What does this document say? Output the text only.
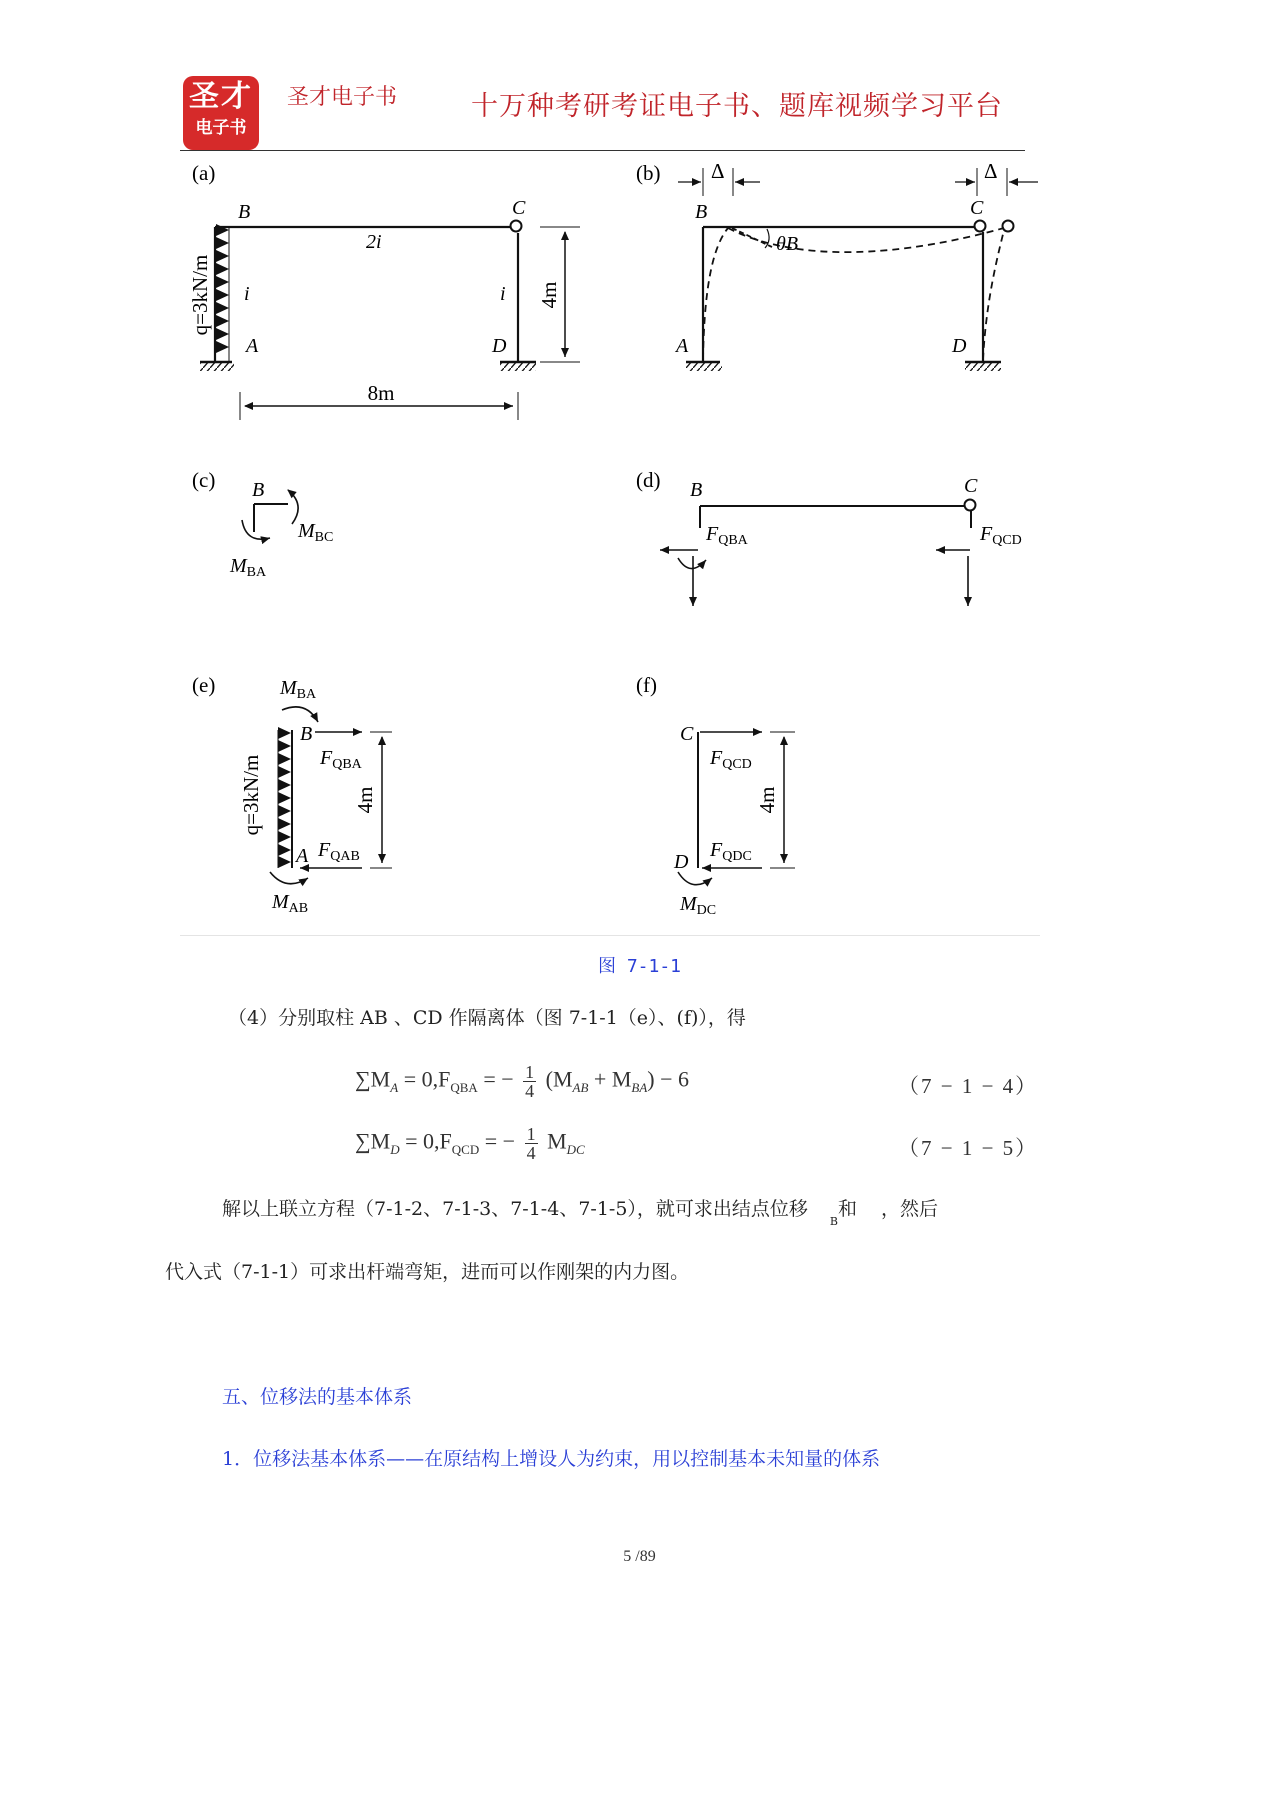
圣才
电子书
圣才电子书	十万种考研考证电子书、题库视频学习平台
(a)
q=3kN/m
B	C
A	D
2i
i	i 4m
8m
(b) Δ	Δ
θB
B	C
A	D
(c) B
$M_{BC}$
$M_{BA}$
(d) B	C
$F_{QBA}$	$F_{QCD}$
(e)	$M_{BA}$
q=3kN/m
B
$F_{QBA}$
4m
A $F_{QAB}$
$M_{AB}$
(f)
C
$F_{QCD}$
4m
$F_{QDC}$
D
$M_{DC}$
图 7-1-1
（4）分别取柱 AB 、CD 作隔离体（图 7-1-1（e）、(f)），得
$\sum M_A = 0,F_{QBA}$ = − $\frac{1}{4} (M_{AB} + M_{BA}) - 6$	（7 − 1 − 4）
$\sum M_D = 0,F_{QCD}$ = − $\frac{1}{4} M_{DC}$	（7 − 1 − 5）
解以上联立方程（7-1-2、7-1-3、7-1-4、7-1-5），就可求出结点位移$_B$和 ，然后
代入式（7-1-1）可求出杆端弯矩，进而可以作刚架的内力图。
五、位移法的基本体系
1．位移法基本体系——在原结构上增设人为约束，用以控制基本未知量的体系
5 /89
